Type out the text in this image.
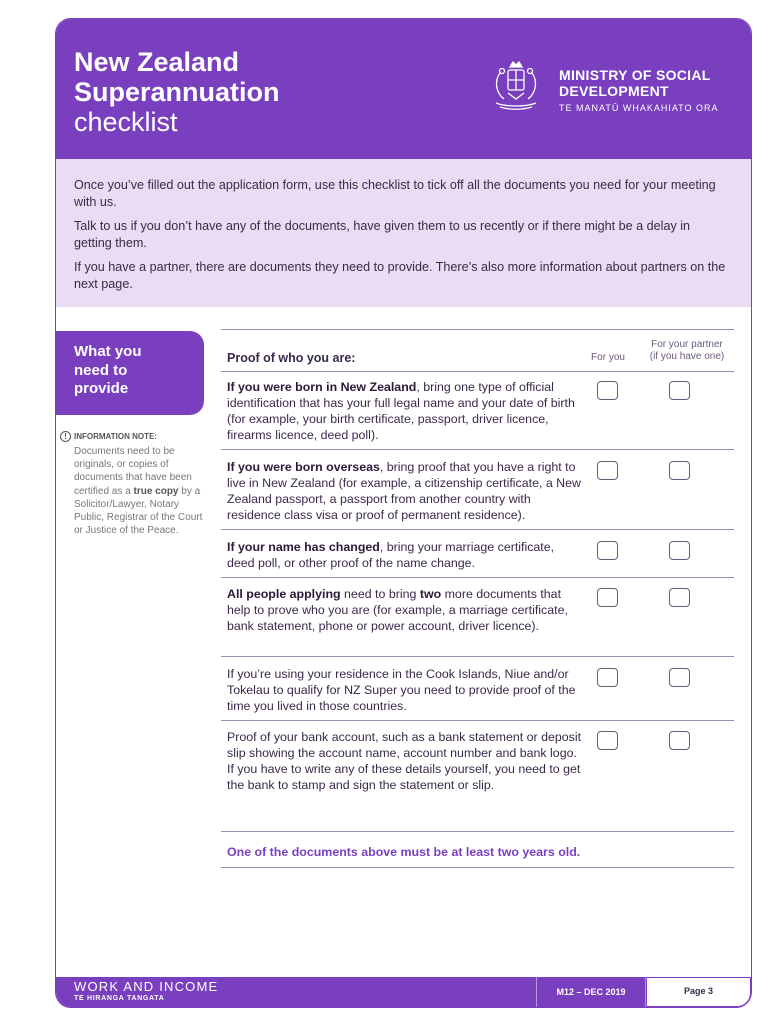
New Zealand
Superannuation
checklist
MINISTRY OF SOCIAL
DEVELOPMENT
TE MANATŪ WHAKAHIATO ORA

Once you’ve filled out the application form, use this checklist to tick off all the documents you need for your meeting with us.

Talk to us if you don’t have any of the documents, have given them to us recently or if there might be a delay in getting them.

If you have a partner, there are documents they need to provide. There’s also more information about partners on the next page.

What you
need to
provide
! INFORMATION NOTE:
Documents need to be originals, or copies of documents that have been certified as a true copy by a Solicitor/Lawyer, Notary Public, Registrar of the Court or Justice of the Peace.
Proof of who you are:	For you
For your partner
(if you have one)
If you were born in New Zealand, bring one type of official identification that has your full legal name and your date of birth (for example, your birth certificate, passport, driver licence, firearms licence, deed poll).
If you were born overseas, bring proof that you have a right to live in New Zealand (for example, a citizenship certificate, a New Zealand passport, a passport from another country with residence class visa or proof of permanent residence).
If your name has changed, bring your marriage certificate, deed poll, or other proof of the name change.
All people applying need to bring two more documents that help to prove who you are (for example, a marriage certificate, bank statement, phone or power account, driver licence).
If you’re using your residence in the Cook Islands, Niue and/or Tokelau to qualify for NZ Super you need to provide proof of the time you lived in those countries.
Proof of your bank account, such as a bank statement or deposit slip showing the account name, account number and bank logo. If you have to write any of these details yourself, you need to get the bank to stamp and sign the statement or slip.
One of the documents above must be at least two years old.
WORK AND INCOME
TE HIRANGA TANGATA
M12 – DEC 2019	Page 3
